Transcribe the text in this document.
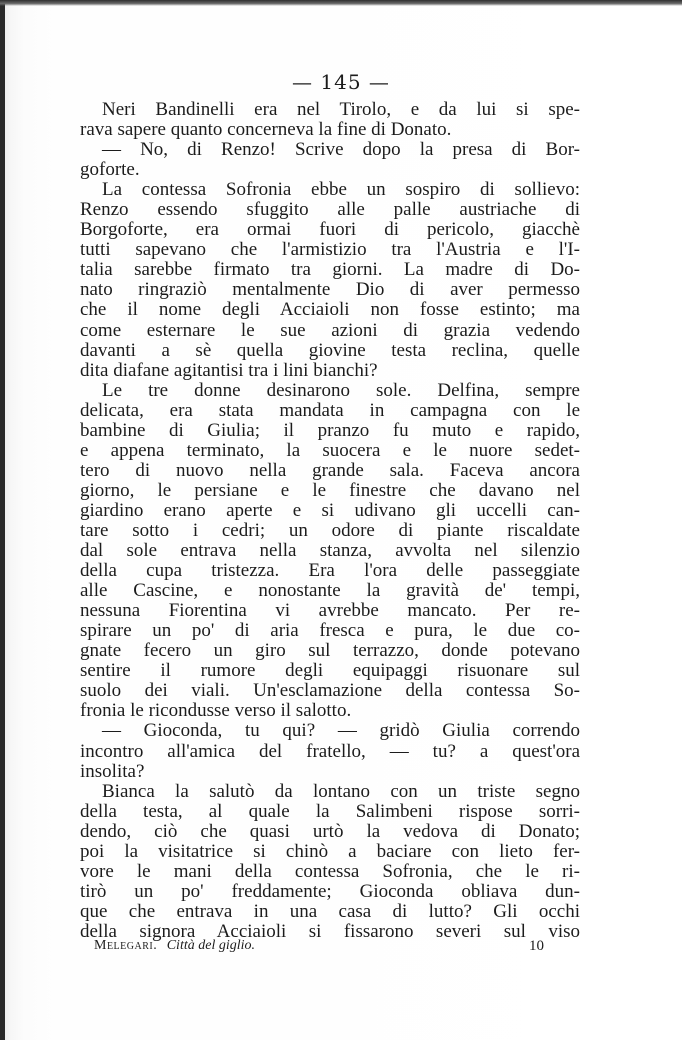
— 145 —
Neri Bandinelli era nel Tirolo, e da lui si spe-
rava sapere quanto concerneva la fine di Donato.
— No, di Renzo! Scrive dopo la presa di Bor-
goforte.
La contessa Sofronia ebbe un sospiro di sollievo:
Renzo essendo sfuggito alle palle austriache di
Borgoforte, era ormai fuori di pericolo, giacchè
tutti sapevano che l'armistizio tra l'Austria e l'I-
talia sarebbe firmato tra giorni. La madre di Do-
nato ringraziò mentalmente Dio di aver permesso
che il nome degli Acciaioli non fosse estinto; ma
come esternare le sue azioni di grazia vedendo
davanti a sè quella giovine testa reclina, quelle
dita diafane agitantisi tra i lini bianchi?
Le tre donne desinarono sole. Delfina, sempre
delicata, era stata mandata in campagna con le
bambine di Giulia; il pranzo fu muto e rapido,
e appena terminato, la suocera e le nuore sedet-
tero di nuovo nella grande sala. Faceva ancora
giorno, le persiane e le finestre che davano nel
giardino erano aperte e si udivano gli uccelli can-
tare sotto i cedri; un odore di piante riscaldate
dal sole entrava nella stanza, avvolta nel silenzio
della cupa tristezza. Era l'ora delle passeggiate
alle Cascine, e nonostante la gravità de' tempi,
nessuna Fiorentina vi avrebbe mancato. Per re-
spirare un po' di aria fresca e pura, le due co-
gnate fecero un giro sul terrazzo, donde potevano
sentire il rumore degli equipaggi risuonare sul
suolo dei viali. Un'esclamazione della contessa So-
fronia le ricondusse verso il salotto.
— Gioconda, tu qui? — gridò Giulia correndo
incontro all'amica del fratello, — tu? a quest'ora
insolita?
Bianca la salutò da lontano con un triste segno
della testa, al quale la Salimbeni rispose sorri-
dendo, ciò che quasi urtò la vedova di Donato;
poi la visitatrice si chinò a baciare con lieto fer-
vore le mani della contessa Sofronia, che le ri-
tirò un po' freddamente; Gioconda obliava dun-
que che entrava in una casa di lutto? Gli occhi
della signora Acciaioli si fissarono severi sul viso
Melegari. Città del giglio.	10
